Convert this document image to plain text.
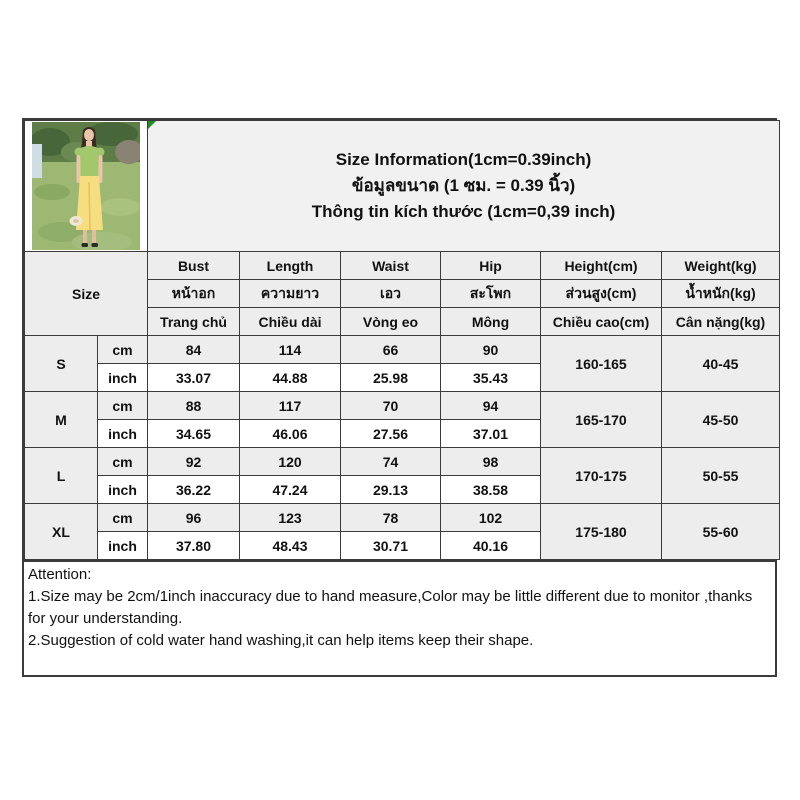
Size Information(1cm=0.39inch)
ข้อมูลขนาด (1 ซม. = 0.39 นิ้ว)
Thông tin kích thước (1cm=0,39 inch)					

Size		Bust	Length	Waist	Hip	Height(cm)	Weight(kg)
		หน้าอก	ความยาว	เอว	สะโพก	ส่วนสูง(cm)	น้ำหนัก(kg)
		Trang chủ	Chiều dài	Vòng eo	Mông	Chiều cao(cm)	Cân nặng(kg)
S	cm	84	114	66	90	160-165	40-45
	inch	33.07	44.88	25.98	35.43		
M	cm	88	117	70	94	165-170	45-50
	inch	34.65	46.06	27.56	37.01		
L	cm	92	120	74	98	170-175	50-55
	inch	36.22	47.24	29.13	38.58		
XL	cm	96	123	78	102	175-180	55-60
	inch	37.80	48.43	30.71	40.16		
Attention:
1.Size may be 2cm/1inch inaccuracy due to hand measure,Color may be little different due to monitor ,thanks for your understanding.
2.Suggestion of cold water hand washing,it can help items keep their shape.
